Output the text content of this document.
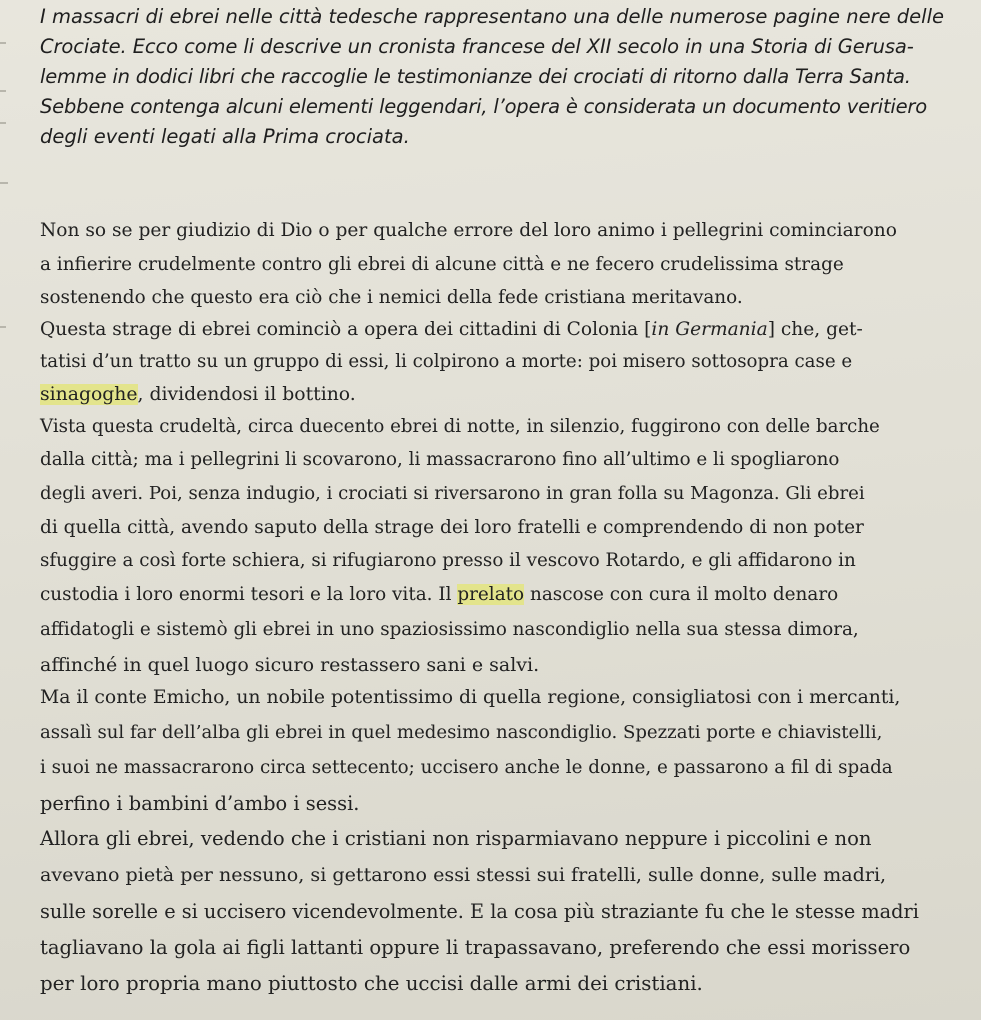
I massacri di ebrei nelle città tedesche rappresentano una delle numerose pagine nere delle
Crociate. Ecco come li descrive un cronista francese del XII secolo in una Storia di Gerusa-
lemme in dodici libri che raccoglie le testimonianze dei crociati di ritorno dalla Terra Santa.
Sebbene contenga alcuni elementi leggendari, l’opera è considerata un documento veritiero
degli eventi legati alla Prima crociata.
Non so se per giudizio di Dio o per qualche errore del loro animo i pellegrini cominciarono
a infierire crudelmente contro gli ebrei di alcune città e ne fecero crudelissima strage
sostenendo che questo era ciò che i nemici della fede cristiana meritavano.
Questa strage di ebrei cominciò a opera dei cittadini di Colonia [in Germania] che, get-
tatisi d’un tratto su un gruppo di essi, li colpirono a morte: poi misero sottosopra case e
sinagoghe, dividendosi il bottino.
Vista questa crudeltà, circa duecento ebrei di notte, in silenzio, fuggirono con delle barche
dalla città; ma i pellegrini li scovarono, li massacrarono fino all’ultimo e li spogliarono
degli averi. Poi, senza indugio, i crociati si riversarono in gran folla su Magonza. Gli ebrei
di quella città, avendo saputo della strage dei loro fratelli e comprendendo di non poter
sfuggire a così forte schiera, si rifugiarono presso il vescovo Rotardo, e gli affidarono in
custodia i loro enormi tesori e la loro vita. Il prelato nascose con cura il molto denaro
affidatogli e sistemò gli ebrei in uno spaziosissimo nascondiglio nella sua stessa dimora,
affinché in quel luogo sicuro restassero sani e salvi.
Ma il conte Emicho, un nobile potentissimo di quella regione, consigliatosi con i mercanti,
assalì sul far dell’alba gli ebrei in quel medesimo nascondiglio. Spezzati porte e chiavistelli,
i suoi ne massacrarono circa settecento; uccisero anche le donne, e passarono a fil di spada
perfino i bambini d’ambo i sessi.
Allora gli ebrei, vedendo che i cristiani non risparmiavano neppure i piccolini e non
avevano pietà per nessuno, si gettarono essi stessi sui fratelli, sulle donne, sulle madri,
sulle sorelle e si uccisero vicendevolmente. E la cosa più straziante fu che le stesse madri
tagliavano la gola ai figli lattanti oppure li trapassavano, preferendo che essi morissero
per loro propria mano piuttosto che uccisi dalle armi dei cristiani.
